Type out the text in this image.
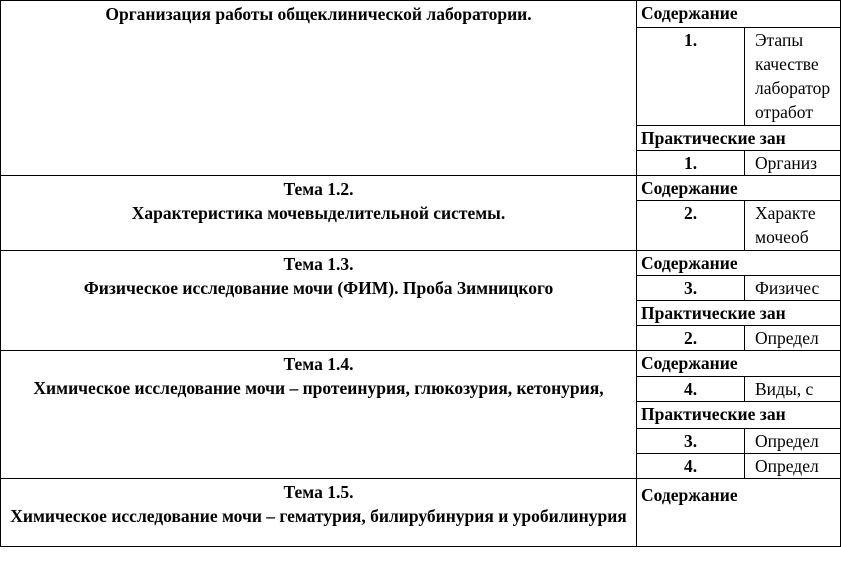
Организация работы общеклинической лаборатории.	Содержание	
	1.	Этапы
качестве
лаборатор
отработ

	Практические зан	
	1.	Организ

Тема 1.2.
Характеристика мочевыделительной системы.	Содержание	
	2.	Характе
мочеоб

Тема 1.3.
Физическое исследование мочи (ФИМ). Проба Зимницкого	Содержание	
	3.	Физичес
	Практические зан	
	2.	Определ

Тема 1.4.
Химическое исследование мочи – протеинурия, глюкозурия, кетонурия,	Содержание	
	4.	Виды, с
	Практические зан	
	3.	Определ
	4.	Определ

Тема 1.5.
Химическое исследование мочи – гематурия, билирубинурия и уробилинурия	Содержание	
